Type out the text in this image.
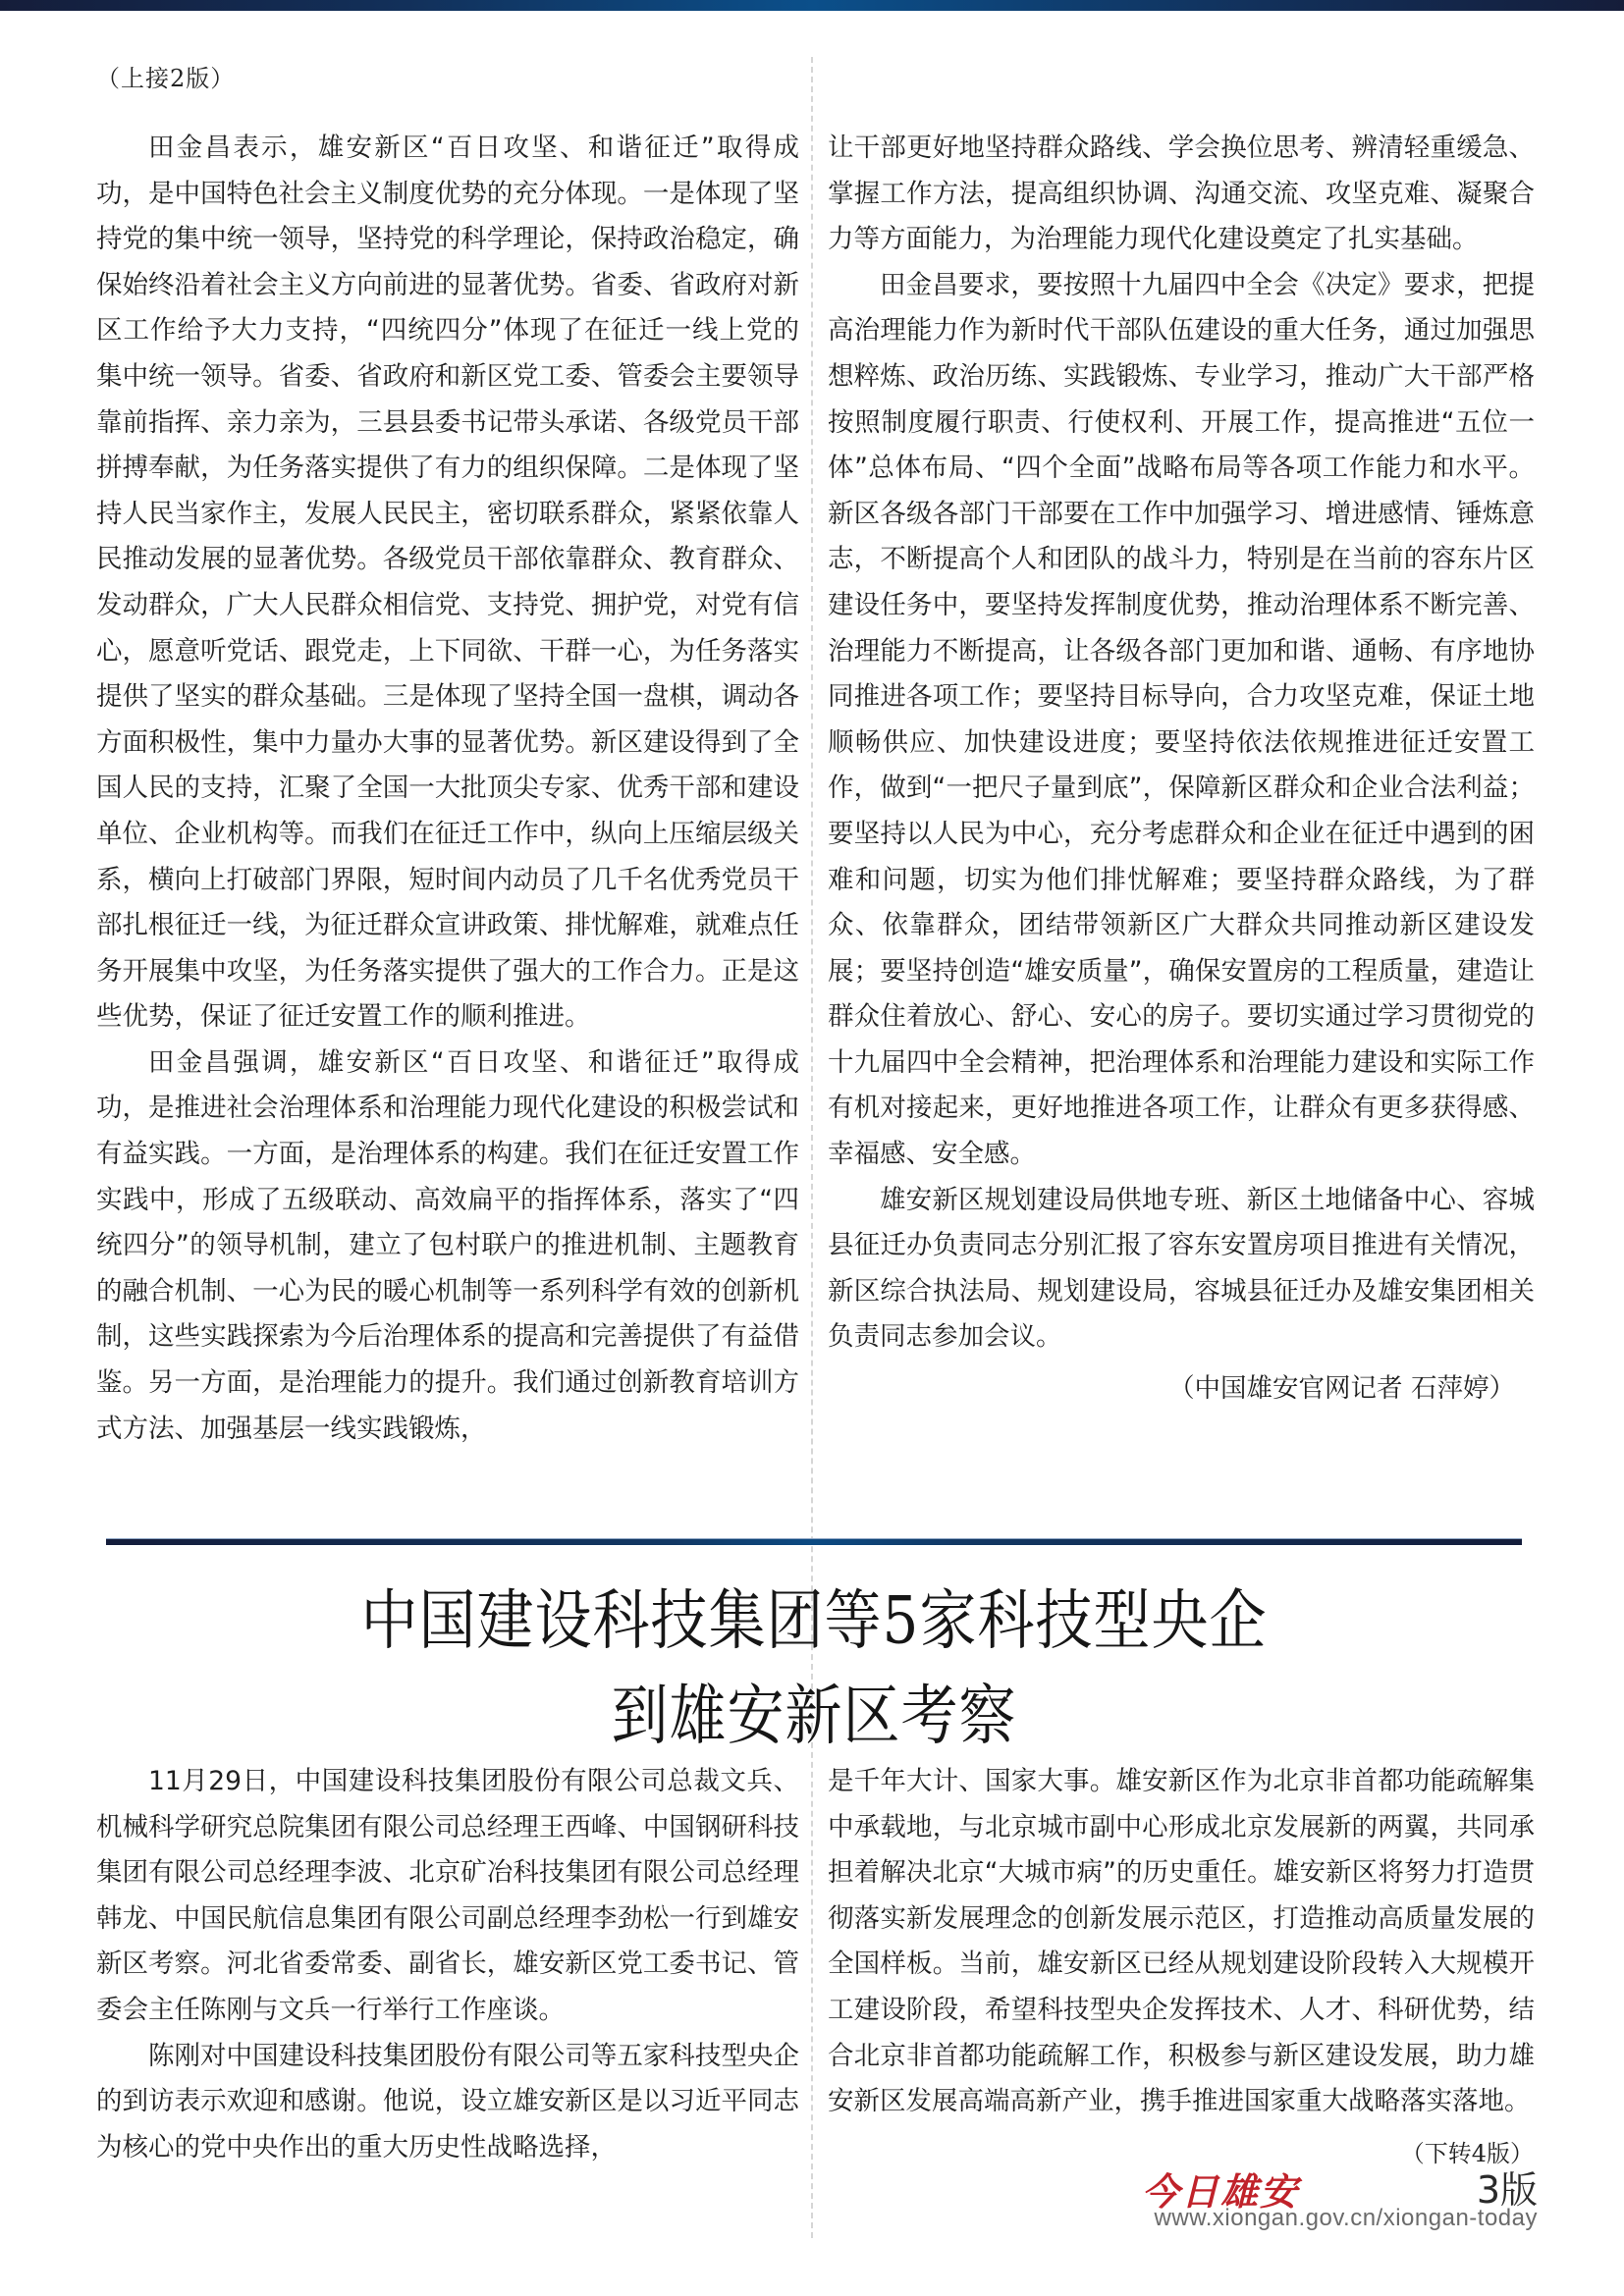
（上接2版）

田金昌表示，雄安新区“百日攻坚、和谐征迁”取得成功，是中国特色社会主义制度优势的充分体现。一是体现了坚持党的集中统一领导，坚持党的科学理论，保持政治稳定，确保始终沿着社会主义方向前进的显著优势。省委、省政府对新区工作给予大力支持，“四统四分”体现了在征迁一线上党的集中统一领导。省委、省政府和新区党工委、管委会主要领导靠前指挥、亲力亲为，三县县委书记带头承诺、各级党员干部拼搏奉献，为任务落实提供了有力的组织保障。二是体现了坚持人民当家作主，发展人民民主，密切联系群众，紧紧依靠人民推动发展的显著优势。各级党员干部依靠群众、教育群众、发动群众，广大人民群众相信党、支持党、拥护党，对党有信心，愿意听党话、跟党走，上下同欲、干群一心，为任务落实提供了坚实的群众基础。三是体现了坚持全国一盘棋，调动各方面积极性，集中力量办大事的显著优势。新区建设得到了全国人民的支持，汇聚了全国一大批顶尖专家、优秀干部和建设单位、企业机构等。而我们在征迁工作中，纵向上压缩层级关系，横向上打破部门界限，短时间内动员了几千名优秀党员干部扎根征迁一线，为征迁群众宣讲政策、排忧解难，就难点任务开展集中攻坚，为任务落实提供了强大的工作合力。正是这些优势，保证了征迁安置工作的顺利推进。

田金昌强调，雄安新区“百日攻坚、和谐征迁”取得成功，是推进社会治理体系和治理能力现代化建设的积极尝试和有益实践。一方面，是治理体系的构建。我们在征迁安置工作实践中，形成了五级联动、高效扁平的指挥体系，落实了“四统四分”的领导机制，建立了包村联户的推进机制、主题教育的融合机制、一心为民的暖心机制等一系列科学有效的创新机制，这些实践探索为今后治理体系的提高和完善提供了有益借鉴。另一方面，是治理能力的提升。我们通过创新教育培训方式方法、加强基层一线实践锻炼，

让干部更好地坚持群众路线、学会换位思考、辨清轻重缓急、掌握工作方法，提高组织协调、沟通交流、攻坚克难、凝聚合力等方面能力，为治理能力现代化建设奠定了扎实基础。

田金昌要求，要按照十九届四中全会《决定》要求，把提高治理能力作为新时代干部队伍建设的重大任务，通过加强思想粹炼、政治历练、实践锻炼、专业学习，推动广大干部严格按照制度履行职责、行使权利、开展工作，提高推进“五位一体”总体布局、“四个全面”战略布局等各项工作能力和水平。新区各级各部门干部要在工作中加强学习、增进感情、锤炼意志，不断提高个人和团队的战斗力，特别是在当前的容东片区建设任务中，要坚持发挥制度优势，推动治理体系不断完善、治理能力不断提高，让各级各部门更加和谐、通畅、有序地协同推进各项工作；要坚持目标导向，合力攻坚克难，保证土地顺畅供应、加快建设进度；要坚持依法依规推进征迁安置工作，做到“一把尺子量到底”，保障新区群众和企业合法利益；要坚持以人民为中心，充分考虑群众和企业在征迁中遇到的困难和问题，切实为他们排忧解难；要坚持群众路线，为了群众、依靠群众，团结带领新区广大群众共同推动新区建设发展；要坚持创造“雄安质量”，确保安置房的工程质量，建造让群众住着放心、舒心、安心的房子。要切实通过学习贯彻党的十九届四中全会精神，把治理体系和治理能力建设和实际工作有机对接起来，更好地推进各项工作，让群众有更多获得感、幸福感、安全感。

雄安新区规划建设局供地专班、新区土地储备中心、容城县征迁办负责同志分别汇报了容东安置房项目推进有关情况，新区综合执法局、规划建设局，容城县征迁办及雄安集团相关负责同志参加会议。

（中国雄安官网记者 石萍婷）

中国建设科技集团等5家科技型央企
到雄安新区考察

11月29日，中国建设科技集团股份有限公司总裁文兵、机械科学研究总院集团有限公司总经理王西峰、中国钢研科技集团有限公司总经理李波、北京矿冶科技集团有限公司总经理韩龙、中国民航信息集团有限公司副总经理李劲松一行到雄安新区考察。河北省委常委、副省长，雄安新区党工委书记、管委会主任陈刚与文兵一行举行工作座谈。

陈刚对中国建设科技集团股份有限公司等五家科技型央企的到访表示欢迎和感谢。他说，设立雄安新区是以习近平同志为核心的党中央作出的重大历史性战略选择，

是千年大计、国家大事。雄安新区作为北京非首都功能疏解集中承载地，与北京城市副中心形成北京发展新的两翼，共同承担着解决北京“大城市病”的历史重任。雄安新区将努力打造贯彻落实新发展理念的创新发展示范区，打造推动高质量发展的全国样板。当前，雄安新区已经从规划建设阶段转入大规模开工建设阶段，希望科技型央企发挥技术、人才、科研优势，结合北京非首都功能疏解工作，积极参与新区建设发展，助力雄安新区发展高端高新产业，携手推进国家重大战略落实落地。

（下转4版）
今日雄安	3版
www.xiongan.gov.cn/xiongan-today
